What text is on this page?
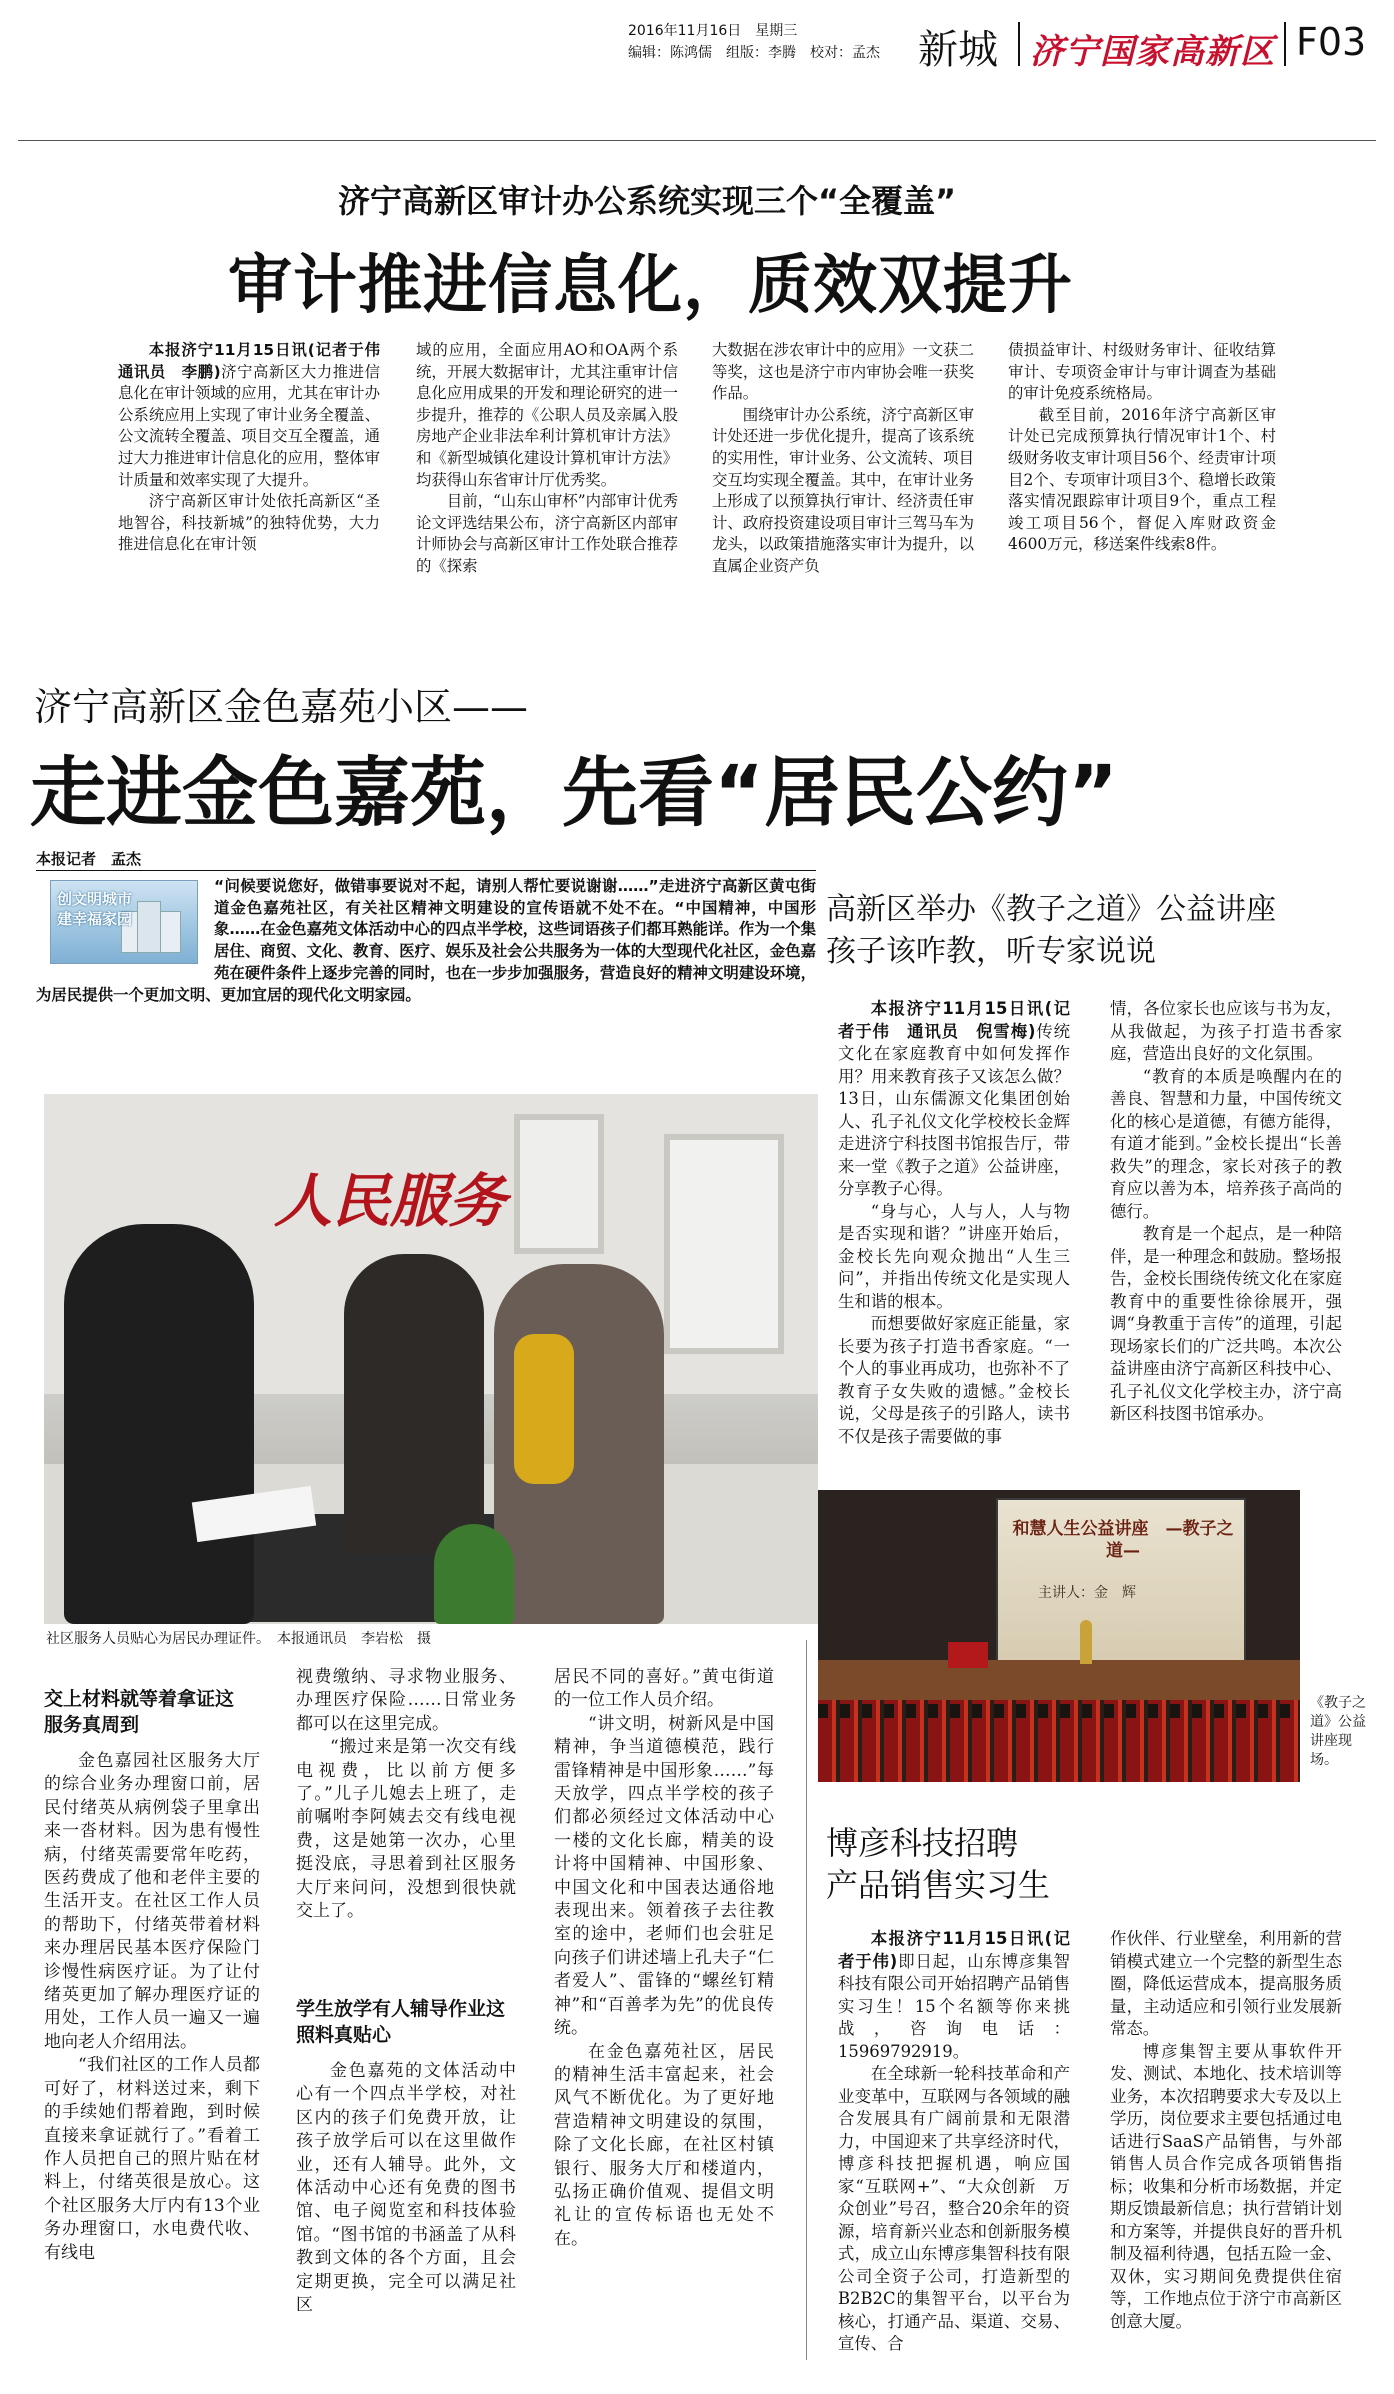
2016年11月16日　星期三
编辑：陈鸿儒　组版：李腾　校对：孟杰 新城 济宁国家高新区 F03
济宁高新区审计办公系统实现三个“全覆盖”
审计推进信息化，质效双提升

本报济宁11月15日讯(记者于伟　通讯员　李鹏)济宁高新区大力推进信息化在审计领域的应用，尤其在审计办公系统应用上实现了审计业务全覆盖、公文流转全覆盖、项目交互全覆盖，通过大力推进审计信息化的应用，整体审计质量和效率实现了大提升。

济宁高新区审计处依托高新区“圣地智谷，科技新城”的独特优势，大力推进信息化在审计领

域的应用，全面应用AO和OA两个系统，开展大数据审计，尤其注重审计信息化应用成果的开发和理论研究的进一步提升，推荐的《公职人员及亲属入股房地产企业非法牟利计算机审计方法》和《新型城镇化建设计算机审计方法》均获得山东省审计厅优秀奖。

目前，“山东山审杯”内部审计优秀论文评选结果公布，济宁高新区内部审计师协会与高新区审计工作处联合推荐的《探索

大数据在涉农审计中的应用》一文获二等奖，这也是济宁市内审协会唯一获奖作品。

围绕审计办公系统，济宁高新区审计处还进一步优化提升，提高了该系统的实用性，审计业务、公文流转、项目交互均实现全覆盖。其中，在审计业务上形成了以预算执行审计、经济责任审计、政府投资建设项目审计三驾马车为龙头，以政策措施落实审计为提升，以直属企业资产负

债损益审计、村级财务审计、征收结算审计、专项资金审计与审计调查为基础的审计免疫系统格局。

截至目前，2016年济宁高新区审计处已完成预算执行情况审计1个、村级财务收支审计项目56个、经责审计项目2个、专项审计项目3个、稳增长政策落实情况跟踪审计项目9个，重点工程竣工项目56个，督促入库财政资金4600万元，移送案件线索8件。

济宁高新区金色嘉苑小区——
走进金色嘉苑，先看“居民公约”
本报记者　孟杰
创文明城市建幸福家园
“问候要说您好，做错事要说对不起，请别人帮忙要说谢谢……”走进济宁高新区黄屯街道金色嘉苑社区，有关社区精神文明建设的宣传语就不处不在。“中国精神，中国形象……在金色嘉苑文体活动中心的四点半学校，这些词语孩子们都耳熟能详。作为一个集居住、商贸、文化、教育、医疗、娱乐及社会公共服务为一体的大型现代化社区，金色嘉苑在硬件条件上逐步完善的同时，也在一步步加强服务，营造良好的精神文明建设环境，为居民提供一个更加文明、更加宜居的现代化文明家园。
人民服务
社区服务人员贴心为居民办理证件。　本报通讯员　李岩松　摄
交上材料就等着拿证这服务真周到

金色嘉园社区服务大厅的综合业务办理窗口前，居民付绪英从病例袋子里拿出来一沓材料。因为患有慢性病，付绪英需要常年吃药，医药费成了他和老伴主要的生活开支。在社区工作人员的帮助下，付绪英带着材料来办理居民基本医疗保险门诊慢性病医疗证。为了让付绪英更加了解办理医疗证的用处，工作人员一遍又一遍地向老人介绍用法。

“我们社区的工作人员都可好了，材料送过来，剩下的手续她们帮着跑，到时候直接来拿证就行了。”看着工作人员把自己的照片贴在材料上，付绪英很是放心。这个社区服务大厅内有13个业务办理窗口，水电费代收、有线电

视费缴纳、寻求物业服务、办理医疗保险……日常业务都可以在这里完成。

“搬过来是第一次交有线电视费，比以前方便多了。”儿子儿媳去上班了，走前嘱咐李阿姨去交有线电视费，这是她第一次办，心里挺没底，寻思着到社区服务大厅来问问，没想到很快就交上了。

学生放学有人辅导作业这照料真贴心

金色嘉苑的文体活动中心有一个四点半学校，对社区内的孩子们免费开放，让孩子放学后可以在这里做作业，还有人辅导。此外，文体活动中心还有免费的图书馆、电子阅览室和科技体验馆。“图书馆的书涵盖了从科教到文体的各个方面，且会定期更换，完全可以满足社区

居民不同的喜好。”黄屯街道的一位工作人员介绍。

“讲文明，树新风是中国精神，争当道德模范，践行雷锋精神是中国形象……”每天放学，四点半学校的孩子们都必须经过文体活动中心一楼的文化长廊，精美的设计将中国精神、中国形象、中国文化和中国表达通俗地表现出来。领着孩子去往教室的途中，老师们也会驻足向孩子们讲述墙上孔夫子“仁者爱人”、雷锋的“螺丝钉精神”和“百善孝为先”的优良传统。

在金色嘉苑社区，居民的精神生活丰富起来，社会风气不断优化。为了更好地营造精神文明建设的氛围，除了文化长廊，在社区村镇银行、服务大厅和楼道内，弘扬正确价值观、提倡文明礼让的宣传标语也无处不在。

高新区举办《教子之道》公益讲座
孩子该咋教，听专家说说

本报济宁11月15日讯(记者于伟　通讯员　倪雪梅)传统文化在家庭教育中如何发挥作用？用来教育孩子又该怎么做？13日，山东儒源文化集团创始人、孔子礼仪文化学校校长金辉走进济宁科技图书馆报告厅，带来一堂《教子之道》公益讲座，分享教子心得。

“身与心，人与人，人与物是否实现和谐？”讲座开始后，金校长先向观众抛出“人生三问”，并指出传统文化是实现人生和谐的根本。

而想要做好家庭正能量，家长要为孩子打造书香家庭。“一个人的事业再成功，也弥补不了教育子女失败的遗憾。”金校长说，父母是孩子的引路人，读书不仅是孩子需要做的事

情，各位家长也应该与书为友，从我做起，为孩子打造书香家庭，营造出良好的文化氛围。

“教育的本质是唤醒内在的善良、智慧和力量，中国传统文化的核心是道德，有德方能得，有道才能到。”金校长提出“长善救失”的理念，家长对孩子的教育应以善为本，培养孩子高尚的德行。

教育是一个起点，是一种陪伴，是一种理念和鼓励。整场报告，金校长围绕传统文化在家庭教育中的重要性徐徐展开，强调“身教重于言传”的道理，引起现场家长们的广泛共鸣。本次公益讲座由济宁高新区科技中心、孔子礼仪文化学校主办，济宁高新区科技图书馆承办。

和慧人生公益讲座　—教子之道—
主讲人：金　辉
《教子之道》公益讲座现场。
博彦科技招聘
产品销售实习生

本报济宁11月15日讯(记者于伟)即日起，山东博彦集智科技有限公司开始招聘产品销售实习生！15个名额等你来挑战，咨询电话：15969792919。

在全球新一轮科技革命和产业变革中，互联网与各领域的融合发展具有广阔前景和无限潜力，中国迎来了共享经济时代，博彦科技把握机遇，响应国家“互联网+”、“大众创新　万众创业”号召，整合20余年的资源，培育新兴业态和创新服务模式，成立山东博彦集智科技有限公司全资子公司，打造新型的B2B2C的集智平台，以平台为核心，打通产品、渠道、交易、宣传、合

作伙伴、行业壁垒，利用新的营销模式建立一个完整的新型生态圈，降低运营成本，提高服务质量，主动适应和引领行业发展新常态。

博彦集智主要从事软件开发、测试、本地化、技术培训等业务，本次招聘要求大专及以上学历，岗位要求主要包括通过电话进行SaaS产品销售，与外部销售人员合作完成各项销售指标；收集和分析市场数据，并定期反馈最新信息；执行营销计划和方案等，并提供良好的晋升机制及福利待遇，包括五险一金、双休，实习期间免费提供住宿等，工作地点位于济宁市高新区创意大厦。
